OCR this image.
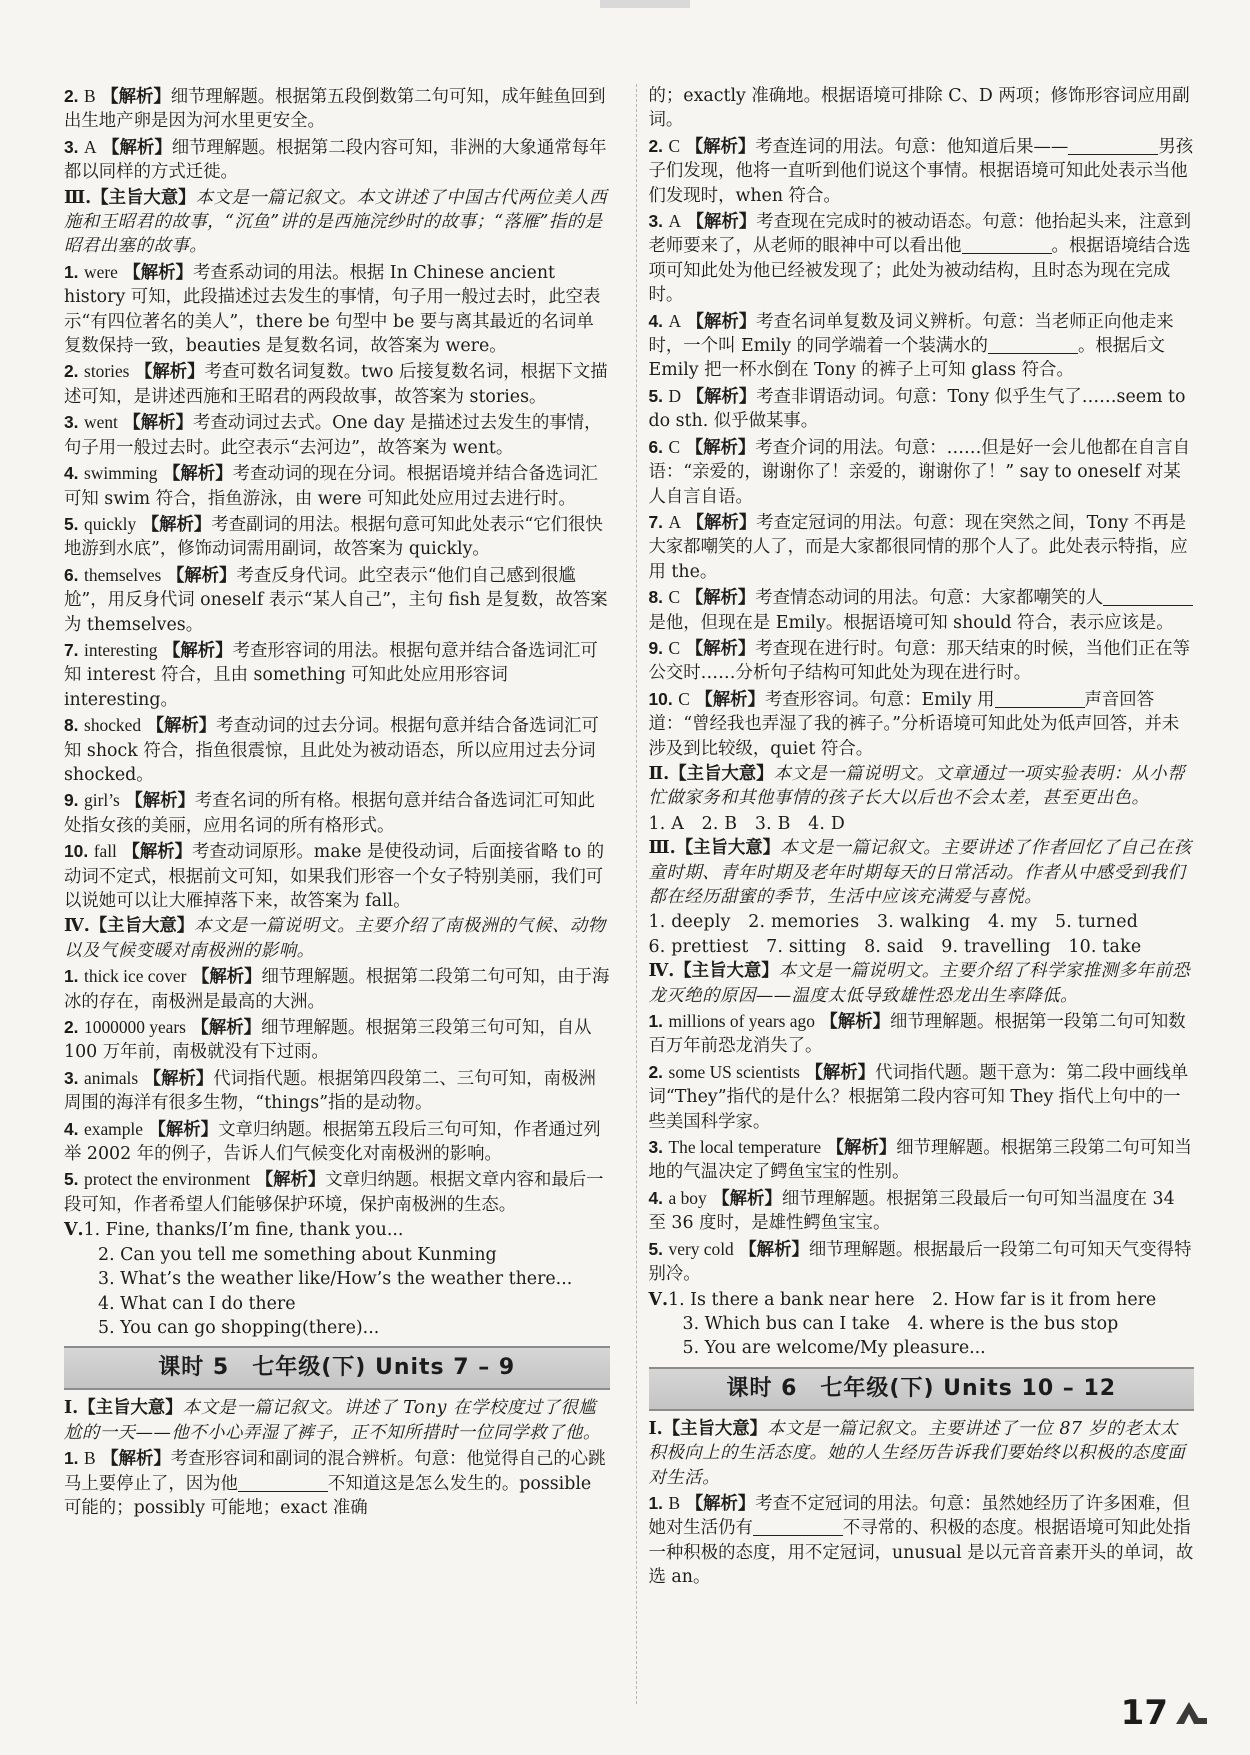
2. B 【解析】细节理解题。根据第五段倒数第二句可知，成年鲑鱼回到出生地产卵是因为河水里更安全。
3. A 【解析】细节理解题。根据第二段内容可知，非洲的大象通常每年都以同样的方式迁徙。
Ⅲ.【主旨大意】本文是一篇记叙文。本文讲述了中国古代两位美人西施和王昭君的故事，“沉鱼”讲的是西施浣纱时的故事；“落雁”指的是昭君出塞的故事。
1. were 【解析】考查系动词的用法。根据 In Chinese ancient history 可知，此段描述过去发生的事情，句子用一般过去时，此空表示“有四位著名的美人”，there be 句型中 be 要与离其最近的名词单复数保持一致，beauties 是复数名词，故答案为 were。
2. stories 【解析】考查可数名词复数。two 后接复数名词，根据下文描述可知，是讲述西施和王昭君的两段故事，故答案为 stories。
3. went 【解析】考查动词过去式。One day 是描述过去发生的事情，句子用一般过去时。此空表示“去河边”，故答案为 went。
4. swimming 【解析】考查动词的现在分词。根据语境并结合备选词汇可知 swim 符合，指鱼游泳，由 were 可知此处应用过去进行时。
5. quickly 【解析】考查副词的用法。根据句意可知此处表示“它们很快地游到水底”，修饰动词需用副词，故答案为 quickly。
6. themselves 【解析】考查反身代词。此空表示“他们自己感到很尴尬”，用反身代词 oneself 表示“某人自己”，主句 fish 是复数，故答案为 themselves。
7. interesting 【解析】考查形容词的用法。根据句意并结合备选词汇可知 interest 符合，且由 something 可知此处应用形容词 interesting。
8. shocked 【解析】考查动词的过去分词。根据句意并结合备选词汇可知 shock 符合，指鱼很震惊，且此处为被动语态，所以应用过去分词 shocked。
9. girl’s 【解析】考查名词的所有格。根据句意并结合备选词汇可知此处指女孩的美丽，应用名词的所有格形式。
10. fall 【解析】考查动词原形。make 是使役动词，后面接省略 to 的动词不定式，根据前文可知，如果我们形容一个女子特别美丽，我们可以说她可以让大雁掉落下来，故答案为 fall。
Ⅳ.【主旨大意】本文是一篇说明文。主要介绍了南极洲的气候、动物以及气候变暖对南极洲的影响。
1. thick ice cover 【解析】细节理解题。根据第二段第二句可知，由于海冰的存在，南极洲是最高的大洲。
2. 1000000 years 【解析】细节理解题。根据第三段第三句可知，自从 100 万年前，南极就没有下过雨。
3. animals 【解析】代词指代题。根据第四段第二、三句可知，南极洲周围的海洋有很多生物，“things”指的是动物。
4. example 【解析】文章归纳题。根据第五段后三句可知，作者通过列举 2002 年的例子，告诉人们气候变化对南极洲的影响。
5. protect the environment 【解析】文章归纳题。根据文章内容和最后一段可知，作者希望人们能够保护环境，保护南极洲的生态。
Ⅴ.1. Fine, thanks/I’m fine, thank you...
2. Can you tell me something about Kunming
3. What’s the weather like/How’s the weather there...
4. What can I do there
5. You can go shopping(there)...
课时 5　七年级(下) Units 7 – 9
Ⅰ.【主旨大意】本文是一篇记叙文。讲述了 Tony 在学校度过了很尴尬的一天——他不小心弄湿了裤子，正不知所措时一位同学救了他。
1. B 【解析】考查形容词和副词的混合辨析。句意：他觉得自己的心跳马上要停止了，因为他	不知道这是怎么发生的。possible 可能的；possibly 可能地；exact 准确
的；exactly 准确地。根据语境可排除 C、D 两项；修饰形容词应用副词。
2. C 【解析】考查连词的用法。句意：他知道后果——	男孩子们发现，他将一直听到他们说这个事情。根据语境可知此处表示当他们发现时，when 符合。
3. A 【解析】考查现在完成时的被动语态。句意：他抬起头来，注意到老师要来了，从老师的眼神中可以看出他	。根据语境结合选项可知此处为他已经被发现了；此处为被动结构，且时态为现在完成时。
4. A 【解析】考查名词单复数及词义辨析。句意：当老师正向他走来时，一个叫 Emily 的同学端着一个装满水的	。根据后文 Emily 把一杯水倒在 Tony 的裤子上可知 glass 符合。
5. D 【解析】考查非谓语动词。句意：Tony 似乎生气了……seem to do sth. 似乎做某事。
6. C 【解析】考查介词的用法。句意：……但是好一会儿他都在自言自语：“亲爱的，谢谢你了！亲爱的，谢谢你了！” say to oneself 对某人自言自语。
7. A 【解析】考查定冠词的用法。句意：现在突然之间，Tony 不再是大家都嘲笑的人了，而是大家都很同情的那个人了。此处表示特指，应用 the。
8. C 【解析】考查情态动词的用法。句意：大家都嘲笑的人是他，但现在是 Emily。根据语境可知 should 符合，表示应该是。
9. C 【解析】考查现在进行时。句意：那天结束的时候，当他们正在等公交时……分析句子结构可知此处为现在进行时。
10. C 【解析】考查形容词。句意：Emily 用	声音回答道：“曾经我也弄湿了我的裤子。”分析语境可知此处为低声回答，并未涉及到比较级，quiet 符合。
Ⅱ.【主旨大意】本文是一篇说明文。文章通过一项实验表明：从小帮忙做家务和其他事情的孩子长大以后也不会太差，甚至更出色。
1. A　2. B　3. B　4. D
Ⅲ.【主旨大意】本文是一篇记叙文。主要讲述了作者回忆了自己在孩童时期、青年时期及老年时期每天的日常活动。作者从中感受到我们都在经历甜蜜的季节，生活中应该充满爱与喜悦。
1. deeply　2. memories　3. walking　4. my　5. turned
6. prettiest　7. sitting　8. said　9. travelling　10. take
Ⅳ.【主旨大意】本文是一篇说明文。主要介绍了科学家推测多年前恐龙灭绝的原因——温度太低导致雄性恐龙出生率降低。
1. millions of years ago 【解析】细节理解题。根据第一段第二句可知数百万年前恐龙消失了。
2. some US scientists 【解析】代词指代题。题干意为：第二段中画线单词“They”指代的是什么？根据第二段内容可知 They 指代上句中的一些美国科学家。
3. The local temperature 【解析】细节理解题。根据第三段第二句可知当地的气温决定了鳄鱼宝宝的性别。
4. a boy 【解析】细节理解题。根据第三段最后一句可知当温度在 34 至 36 度时，是雄性鳄鱼宝宝。
5. very cold 【解析】细节理解题。根据最后一段第二句可知天气变得特别冷。
Ⅴ.1. Is there a bank near here　2. How far is it from here
3. Which bus can I take　4. where is the bus stop
5. You are welcome/My pleasure...
课时 6　七年级(下) Units 10 – 12
Ⅰ.【主旨大意】本文是一篇记叙文。主要讲述了一位 87 岁的老太太积极向上的生活态度。她的人生经历告诉我们要始终以积极的态度面对生活。
1. B 【解析】考查不定冠词的用法。句意：虽然她经历了许多困难，但她对生活仍有	不寻常的、积极的态度。根据语境可知此处指一种积极的态度，用不定冠词，unusual 是以元音音素开头的单词，故选 an。
17
